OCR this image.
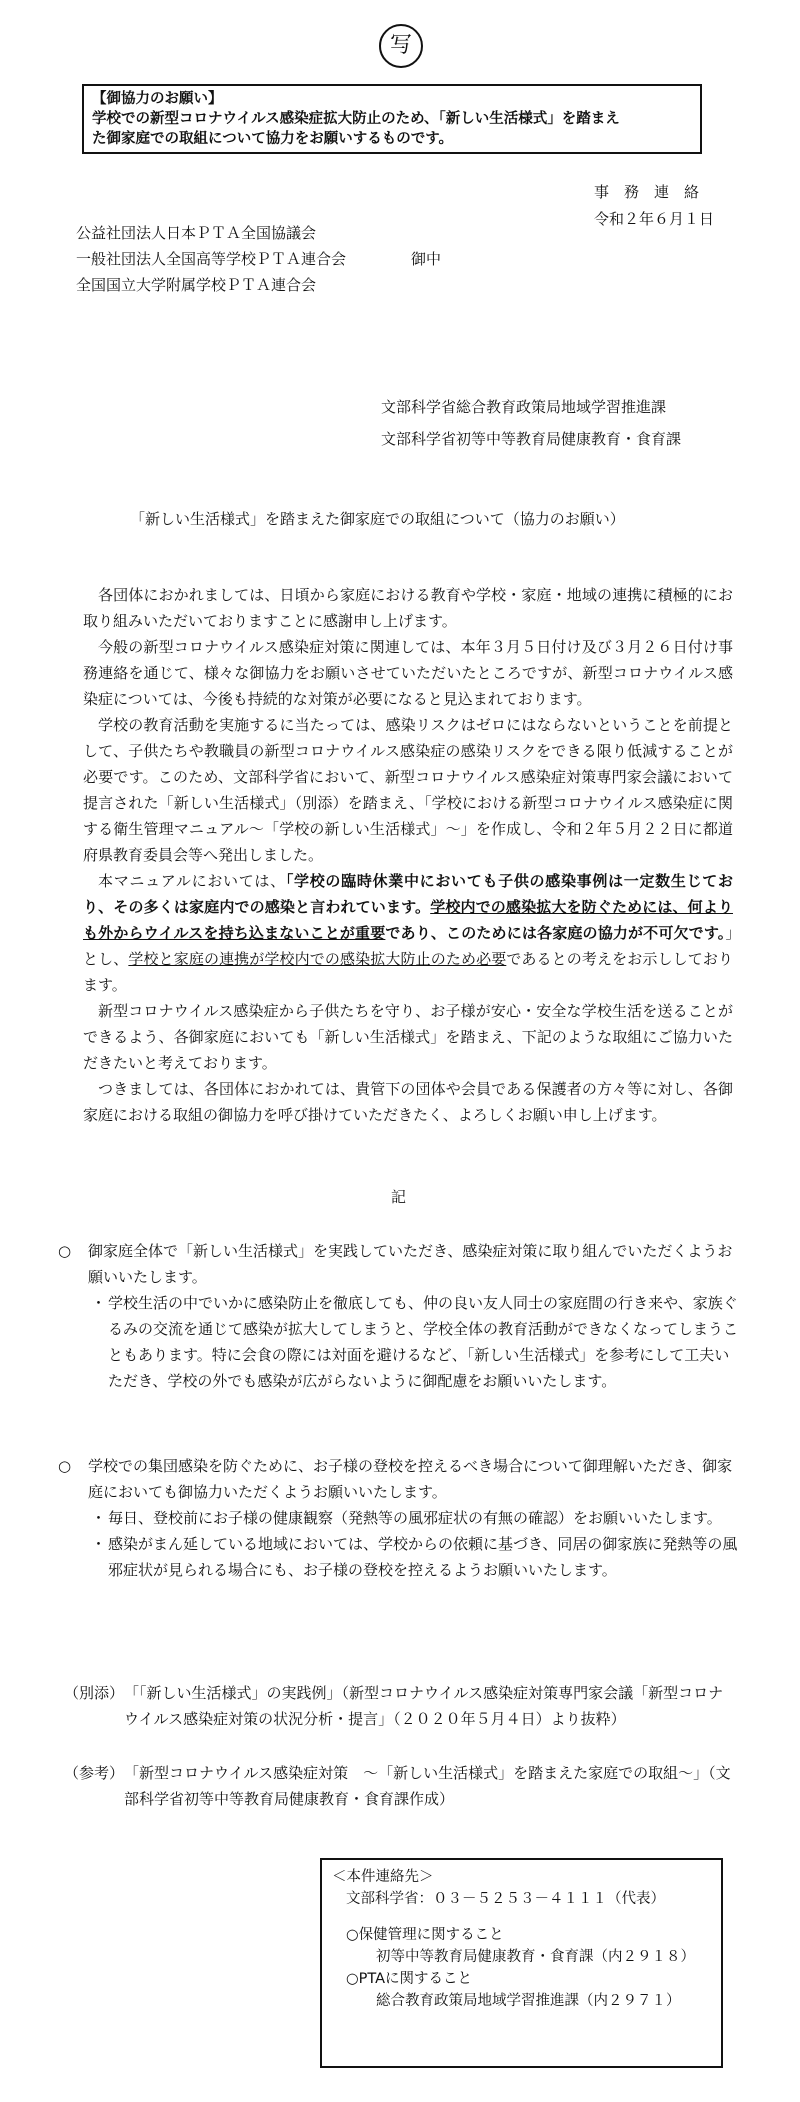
写
【御協力のお願い】
学校での新型コロナウイルス感染症拡大防止のため、「新しい生活様式」を踏まえ
た御家庭での取組について協力をお願いするものです。
事　務　連　絡
令和２年６月１日
公益社団法人日本ＰＴＡ全国協議会
一般社団法人全国高等学校ＰＴＡ連合会
全国国立大学附属学校ＰＴＡ連合会
御中
文部科学省総合教育政策局地域学習推進課
文部科学省初等中等教育局健康教育・食育課
「新しい生活様式」を踏まえた御家庭での取組について（協力のお願い）

各団体におかれましては、日頃から家庭における教育や学校・家庭・地域の連携に積極的にお取り組みいただいておりますことに感謝申し上げます。

今般の新型コロナウイルス感染症対策に関連しては、本年３月５日付け及び３月２６日付け事務連絡を通じて、様々な御協力をお願いさせていただいたところですが、新型コロナウイルス感染症については、今後も持続的な対策が必要になると見込まれております。

学校の教育活動を実施するに当たっては、感染リスクはゼロにはならないということを前提として、子供たちや教職員の新型コロナウイルス感染症の感染リスクをできる限り低減することが必要です。このため、文部科学省において、新型コロナウイルス感染症対策専門家会議において提言された「新しい生活様式」（別添）を踏まえ、「学校における新型コロナウイルス感染症に関する衛生管理マニュアル～「学校の新しい生活様式」～」を作成し、令和２年５月２２日に都道府県教育委員会等へ発出しました。

本マニュアルにおいては、「学校の臨時休業中においても子供の感染事例は一定数生じており、その多くは家庭内での感染と言われています。学校内での感染拡大を防ぐためには、何よりも外からウイルスを持ち込まないことが重要であり、このためには各家庭の協力が不可欠です。」とし、学校と家庭の連携が学校内での感染拡大防止のため必要であるとの考えをお示ししております。

新型コロナウイルス感染症から子供たちを守り、お子様が安心・安全な学校生活を送ることができるよう、各御家庭においても「新しい生活様式」を踏まえ、下記のような取組にご協力いただきたいと考えております。

つきましては、各団体におかれては、貴管下の団体や会員である保護者の方々等に対し、各御家庭における取組の御協力を呼び掛けていただきたく、よろしくお願い申し上げます。

記
○ 御家庭全体で「新しい生活様式」を実践していただき、感染症対策に取り組んでいただくようお願いいたします。
・ 学校生活の中でいかに感染防止を徹底しても、仲の良い友人同士の家庭間の行き来や、家族ぐるみの交流を通じて感染が拡大してしまうと、学校全体の教育活動ができなくなってしまうこともあります。特に会食の際には対面を避けるなど、「新しい生活様式」を参考にして工夫いただき、学校の外でも感染が広がらないように御配慮をお願いいたします。
○ 学校での集団感染を防ぐために、お子様の登校を控えるべき場合について御理解いただき、御家庭においても御協力いただくようお願いいたします。
・ 毎日、登校前にお子様の健康観察（発熱等の風邪症状の有無の確認）をお願いいたします。
・ 感染がまん延している地域においては、学校からの依頼に基づき、同居の御家族に発熱等の風邪症状が見られる場合にも、お子様の登校を控えるようお願いいたします。
（別添） 「「新しい生活様式」の実践例」（新型コロナウイルス感染症対策専門家会議「新型コロナウイルス感染症対策の状況分析・提言」（２０２０年５月４日）より抜粋）
（参考） 「新型コロナウイルス感染症対策　～「新しい生活様式」を踏まえた家庭での取組～」（文部科学省初等中等教育局健康教育・食育課作成）
＜本件連絡先＞
文部科学省：０３－５２５３－４１１１（代表）
○保健管理に関すること
初等中等教育局健康教育・食育課（内２９１８）
○PTAに関すること
総合教育政策局地域学習推進課（内２９７１）
